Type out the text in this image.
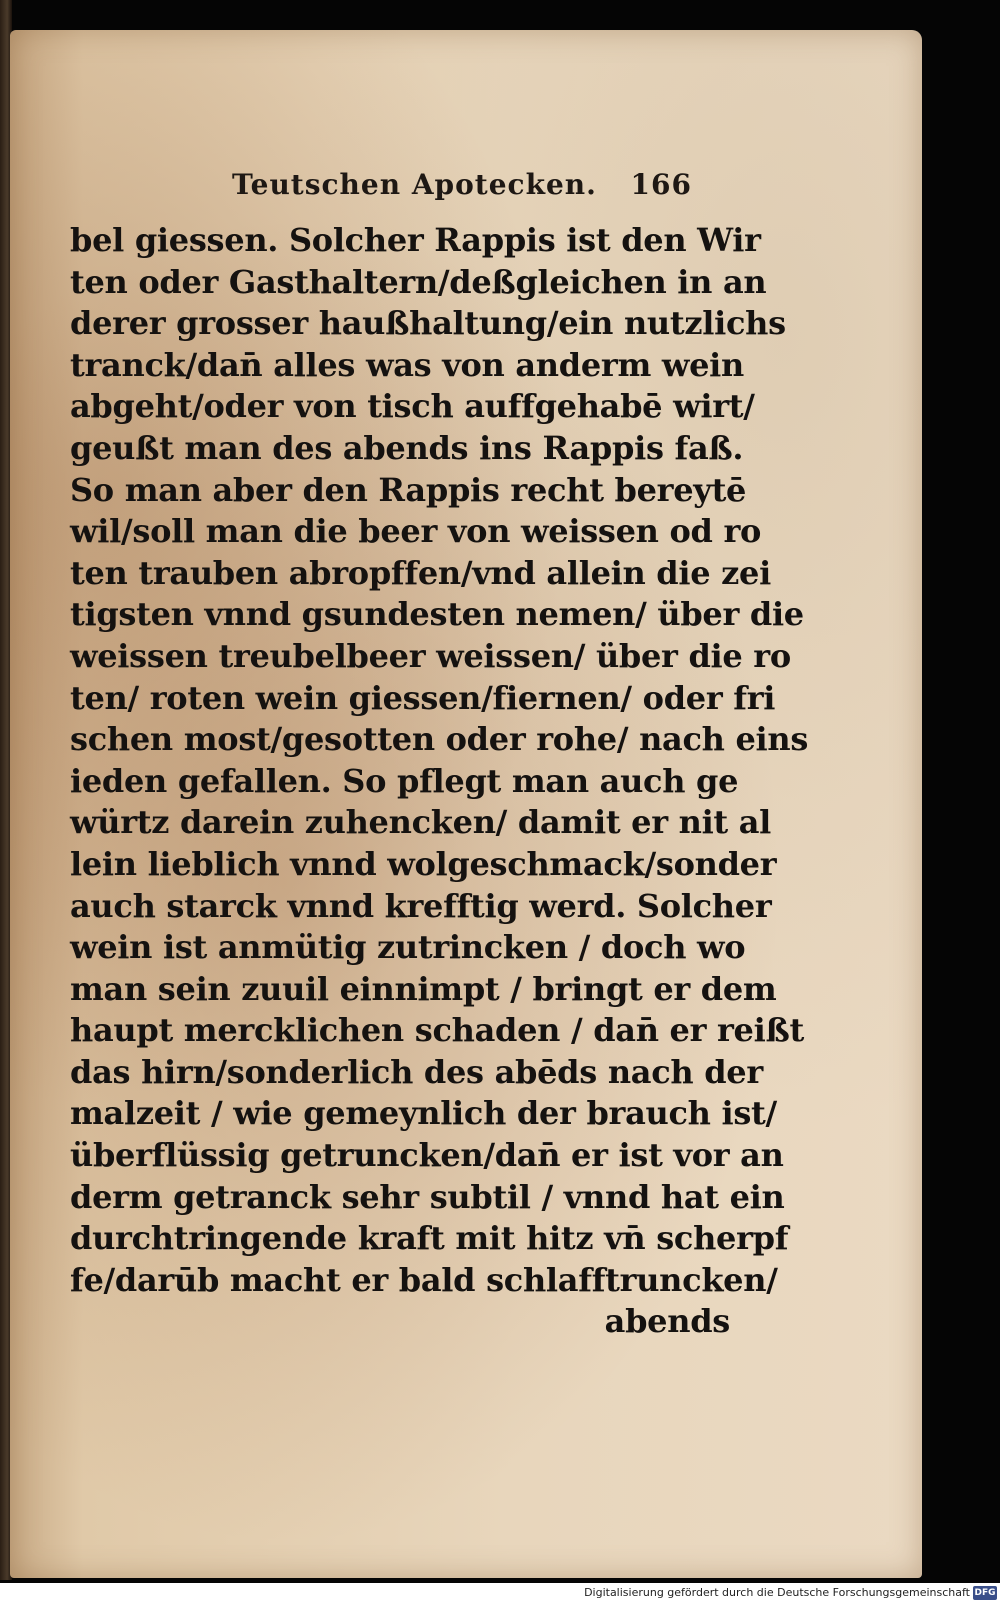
Teutschen Apotecken. 166
bel giessen. Solcher Rappis ist den Wir
ten oder Gasthaltern/deßgleichen in an
derer grosser haußhaltung/ein nutzlichs
tranck/dan̄ alles was von anderm wein
abgeht/oder von tisch auffgehabē wirt/
geußt man des abends ins Rappis faß.
So man aber den Rappis recht bereytē
wil/soll man die beer von weissen od ro
ten trauben abropffen/vnd allein die zei
tigsten vnnd gsundesten nemen/ über die
weissen treubelbeer weissen/ über die ro
ten/ roten wein giessen/fiernen/ oder fri
schen most/gesotten oder rohe/ nach eins
ieden gefallen. So pflegt man auch ge
würtz darein zuhencken/ damit er nit al
lein lieblich vnnd wolgeschmack/sonder
auch starck vnnd krefftig werd. Solcher
wein ist anmütig zutrincken / doch wo
man sein zuuil einnimpt / bringt er dem
haupt mercklichen schaden / dan̄ er reißt
das hirn/sonderlich des abēds nach der
malzeit / wie gemeynlich der brauch ist/
überflüssig getruncken/dan̄ er ist vor an
derm getranck sehr subtil / vnnd hat ein
durchtringende kraft mit hitz vn̄ scherpf
fe/darūb macht er bald schlafftruncken/
abends
Digitalisierung gefördert durch die Deutsche Forschungsgemeinschaft DFG
